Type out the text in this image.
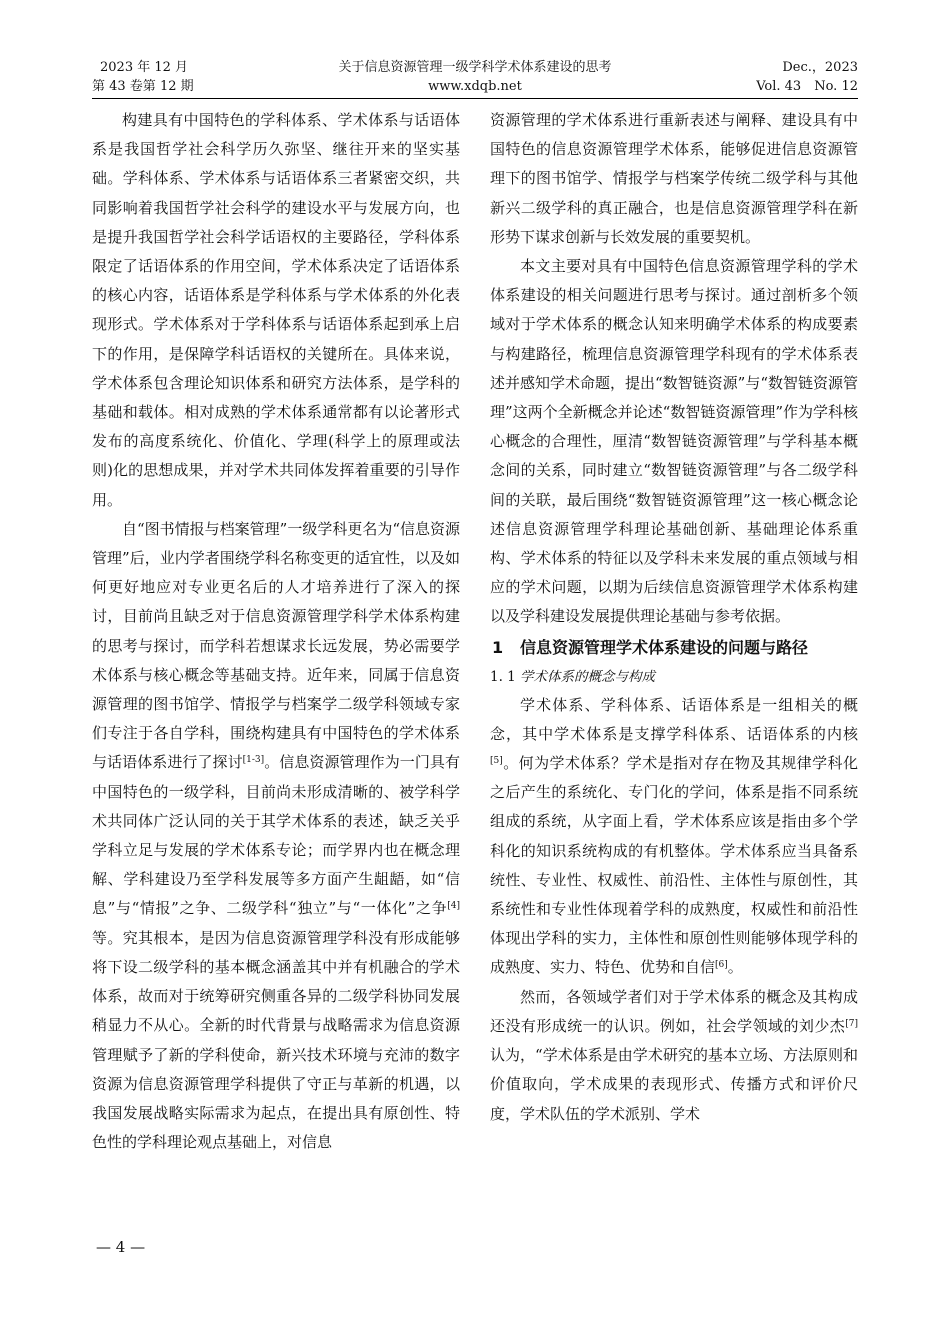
2023 年 12 月
第 43 卷第 12 期
关于信息资源管理一级学科学术体系建设的思考
www.xdqb.net
Dec.，2023
Vol. 43　No. 12

构建具有中国特色的学科体系、学术体系与话语体系是我国哲学社会科学历久弥坚、继往开来的坚实基础。学科体系、学术体系与话语体系三者紧密交织，共同影响着我国哲学社会科学的建设水平与发展方向，也是提升我国哲学社会科学话语权的主要路径，学科体系限定了话语体系的作用空间，学术体系决定了话语体系的核心内容，话语体系是学科体系与学术体系的外化表现形式。学术体系对于学科体系与话语体系起到承上启下的作用，是保障学科话语权的关键所在。具体来说，学术体系包含理论知识体系和研究方法体系，是学科的基础和载体。相对成熟的学术体系通常都有以论著形式发布的高度系统化、价值化、学理(科学上的原理或法则)化的思想成果，并对学术共同体发挥着重要的引导作用。

自“图书情报与档案管理”一级学科更名为“信息资源管理”后，业内学者围绕学科名称变更的适宜性，以及如何更好地应对专业更名后的人才培养进行了深入的探讨，目前尚且缺乏对于信息资源管理学科学术体系构建的思考与探讨，而学科若想谋求长远发展，势必需要学术体系与核心概念等基础支持。近年来，同属于信息资源管理的图书馆学、情报学与档案学二级学科领域专家们专注于各自学科，围绕构建具有中国特色的学术体系与话语体系进行了探讨[1-3]。信息资源管理作为一门具有中国特色的一级学科，目前尚未形成清晰的、被学科学术共同体广泛认同的关于其学术体系的表述，缺乏关乎学科立足与发展的学术体系专论；而学界内也在概念理解、学科建设乃至学科发展等多方面产生龃龉，如“信息”与“情报”之争、二级学科“独立”与“一体化”之争[4]等。究其根本，是因为信息资源管理学科没有形成能够将下设二级学科的基本概念涵盖其中并有机融合的学术体系，故而对于统筹研究侧重各异的二级学科协同发展稍显力不从心。全新的时代背景与战略需求为信息资源管理赋予了新的学科使命，新兴技术环境与充沛的数字资源为信息资源管理学科提供了守正与革新的机遇，以我国发展战略实际需求为起点，在提出具有原创性、特色性的学科理论观点基础上，对信息

资源管理的学术体系进行重新表述与阐释、建设具有中国特色的信息资源管理学术体系，能够促进信息资源管理下的图书馆学、情报学与档案学传统二级学科与其他新兴二级学科的真正融合，也是信息资源管理学科在新形势下谋求创新与长效发展的重要契机。

本文主要对具有中国特色信息资源管理学科的学术体系建设的相关问题进行思考与探讨。通过剖析多个领域对于学术体系的概念认知来明确学术体系的构成要素与构建路径，梳理信息资源管理学科现有的学术体系表述并感知学术命题，提出“数智链资源”与“数智链资源管理”这两个全新概念并论述“数智链资源管理”作为学科核心概念的合理性，厘清“数智链资源管理”与学科基本概念间的关系，同时建立“数智链资源管理”与各二级学科间的关联，最后围绕“数智链资源管理”这一核心概念论述信息资源管理学科理论基础创新、基础理论体系重构、学术体系的特征以及学科未来发展的重点领域与相应的学术问题，以期为后续信息资源管理学术体系构建以及学科建设发展提供理论基础与参考依据。

1 信息资源管理学术体系建设的问题与路径
1. 1 学术体系的概念与构成

学术体系、学科体系、话语体系是一组相关的概念，其中学术体系是支撑学科体系、话语体系的内核[5]。何为学术体系？学术是指对存在物及其规律学科化之后产生的系统化、专门化的学问，体系是指不同系统组成的系统，从字面上看，学术体系应该是指由多个学科化的知识系统构成的有机整体。学术体系应当具备系统性、专业性、权威性、前沿性、主体性与原创性，其系统性和专业性体现着学科的成熟度，权威性和前沿性体现出学科的实力，主体性和原创性则能够体现学科的成熟度、实力、特色、优势和自信[6]。

然而，各领域学者们对于学术体系的概念及其构成还没有形成统一的认识。例如，社会学领域的刘少杰[7]认为，“学术体系是由学术研究的基本立场、方法原则和价值取向，学术成果的表现形式、传播方式和评价尺度，学术队伍的学术派别、学术

— 4 —
